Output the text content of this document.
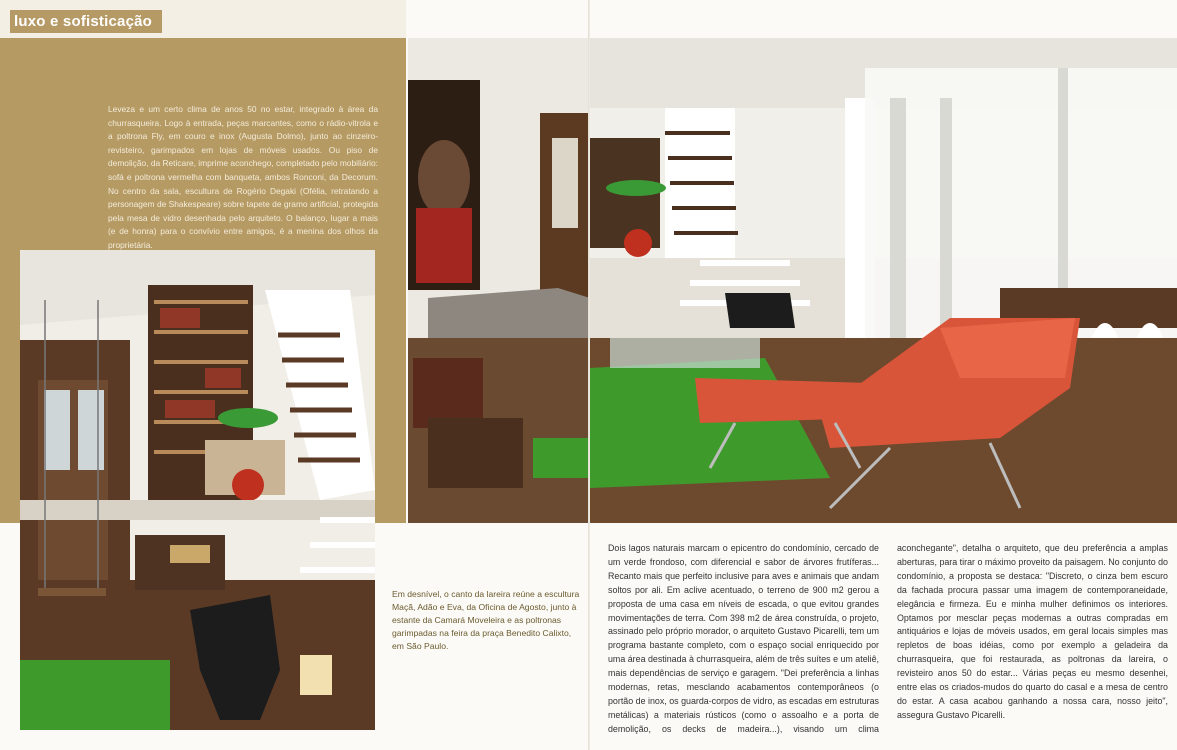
luxo e sofisticação
Leveza e um certo clima de anos 50 no estar, integrado à área da churrasqueira. Logo à entrada, peças marcantes, como o rádio-vitrola e a poltrona Fly, em couro e inox (Augusta Dolmo), junto ao cinzeiro-revisteiro, garimpados em lojas de móveis usados. Ou piso de demolição, da Reticare, imprime aconchego, completado pelo mobiliário: sofá e poltrona vermelha com banqueta, ambos Ronconi, da Decorum. No centro da sala, escultura de Rogério Degaki (Ofélia, retratando a personagem de Shakespeare) sobre tapete de gramo artificial, protegida pela mesa de vidro desenhada pelo arquiteto. O balanço, lugar a mais (e de honra) para o convívio entre amigos, é a menina dos olhos da proprietária.
Em desnível, o canto da lareira reúne a escultura Maçã, Adão e Eva, da Oficina de Agosto, junto à estante da Camará Moveleira e as poltronas garimpadas na feira da praça Benedito Calixto, em São Paulo.
Dois lagos naturais marcam o epicentro do condomínio, cercado de um verde frondoso, com diferencial e sabor de árvores frutíferas... Recanto mais que perfeito inclusive para aves e animais que andam soltos por ali. Em aclive acentuado, o terreno de 900 m2 gerou a proposta de uma casa em níveis de escada, o que evitou grandes movimentações de terra. Com 398 m2 de área construída, o projeto, assinado pelo próprio morador, o arquiteto Gustavo Picarelli, tem um programa bastante completo, com o espaço social enriquecido por uma área destinada à churrasqueira, além de três suítes e um ateliê, mais dependências de serviço e garagem. "Dei preferência a linhas modernas, retas, mesclando acabamentos contemporâneos (o portão de inox, os guarda-corpos de vidro, as escadas em estruturas metálicas) a materiais rústicos (como o assoalho e a porta de demolição, os decks de madeira...), visando um clima aconchegante", detalha o arquiteto, que deu preferência a amplas aberturas, para tirar o máximo proveito da paisagem. No conjunto do condomínio, a proposta se destaca: "Discreto, o cinza bem escuro da fachada procura passar uma imagem de contemporaneidade, elegância e firmeza. Eu e minha mulher definimos os interiores. Optamos por mesclar peças modernas a outras compradas em antiquários e lojas de móveis usados, em geral locais simples mas repletos de boas idéias, como por exemplo a geladeira da churrasqueira, que foi restaurada, as poltronas da lareira, o revisteiro anos 50 do estar... Várias peças eu mesmo desenhei, entre elas os criados-mudos do quarto do casal e a mesa de centro do estar. A casa acabou ganhando a nossa cara, nosso jeito", assegura Gustavo Picarelli.
